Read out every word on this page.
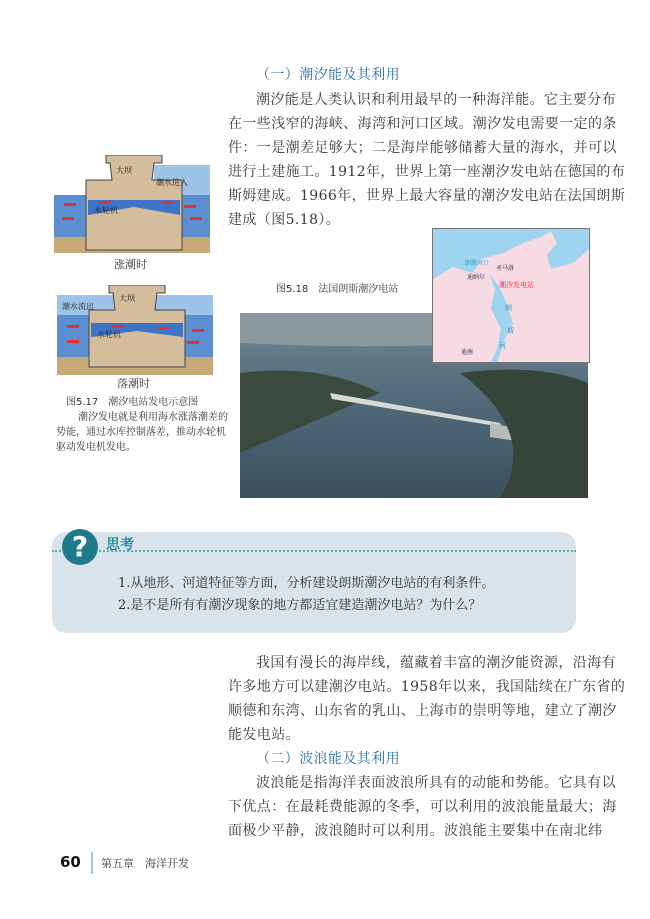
（一）潮汐能及其利用
潮汐能是人类认识和利用最早的一种海洋能。它主要分布
在一些浅窄的海峡、海湾和河口区域。潮汐发电需要一定的条
件：一是潮差足够大；二是海岸能够储蓄大量的海水，并可以
进行土建施工。1912年，世界上第一座潮汐发电站在德国的布
斯姆建成。1966年，世界上最大容量的潮汐发电站在法国朗斯
建成（图5.18）。
大坝
潮水进入
水轮机
涨潮时
大坝
潮水流出
水轮机
落潮时
图5.17　潮汐电站发电示意图
潮汐发电就是利用海水涨落潮差的
势能，通过水库控制落差，推动水轮机
驱动发电机发电。
图5.18　法国朗斯潮汐电站
朗斯河口
圣马洛
迪纳尔
潮汐发电站
朗
斯
河
迪南
?	思考
1.从地形、河道特征等方面，分析建设朗斯潮汐电站的有利条件。
2.是不是所有有潮汐现象的地方都适宜建造潮汐电站？为什么？
我国有漫长的海岸线，蕴藏着丰富的潮汐能资源，沿海有
许多地方可以建潮汐电站。1958年以来，我国陆续在广东省的
顺德和东湾、山东省的乳山、上海市的崇明等地，建立了潮汐
能发电站。
（二）波浪能及其利用
波浪能是指海洋表面波浪所具有的动能和势能。它具有以
下优点：在最耗费能源的冬季，可以利用的波浪能量最大；海
面极少平静，波浪随时可以利用。波浪能主要集中在南北纬
60 第五章　海洋开发
